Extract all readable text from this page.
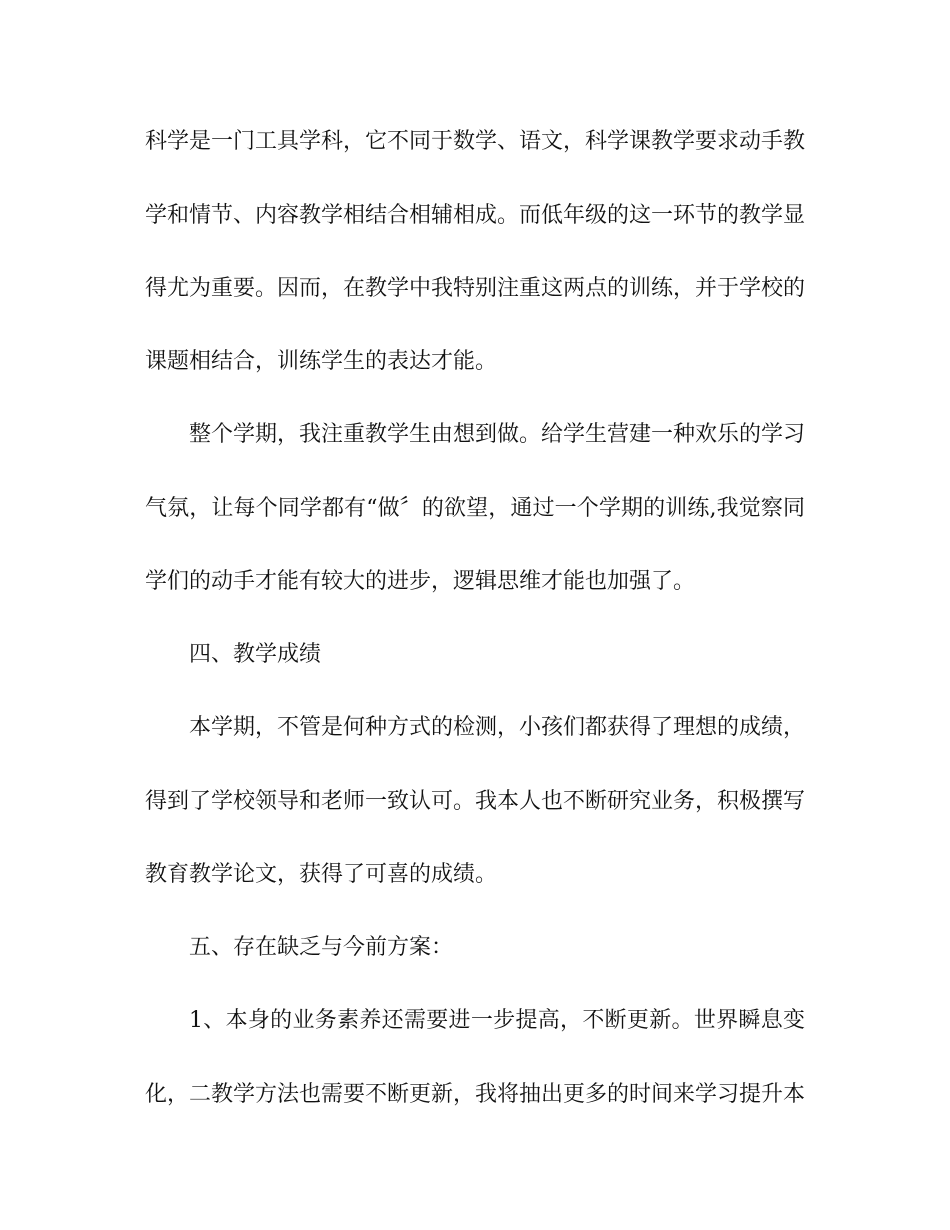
科学是一门工具学科，它不同于数学、语文，科学课教学要求动手教
学和情节、内容教学相结合相辅相成。而低年级的这一环节的教学显
得尤为重要。因而，在教学中我特别注重这两点的训练，并于学校的
课题相结合，训练学生的表达才能。
整个学期，我注重教学生由想到做。给学生营建一种欢乐的学习
气氛，让每个同学都有“做〞的欲望，通过一个学期的训练,我觉察同
学们的动手才能有较大的进步，逻辑思维才能也加强了。
四、教学成绩
本学期，不管是何种方式的检测，小孩们都获得了理想的成绩，
得到了学校领导和老师一致认可。我本人也不断研究业务，积极撰写
教育教学论文，获得了可喜的成绩。
五、存在缺乏与今前方案：
1、本身的业务素养还需要进一步提高，不断更新。世界瞬息变
化，二教学方法也需要不断更新，我将抽出更多的时间来学习提升本
